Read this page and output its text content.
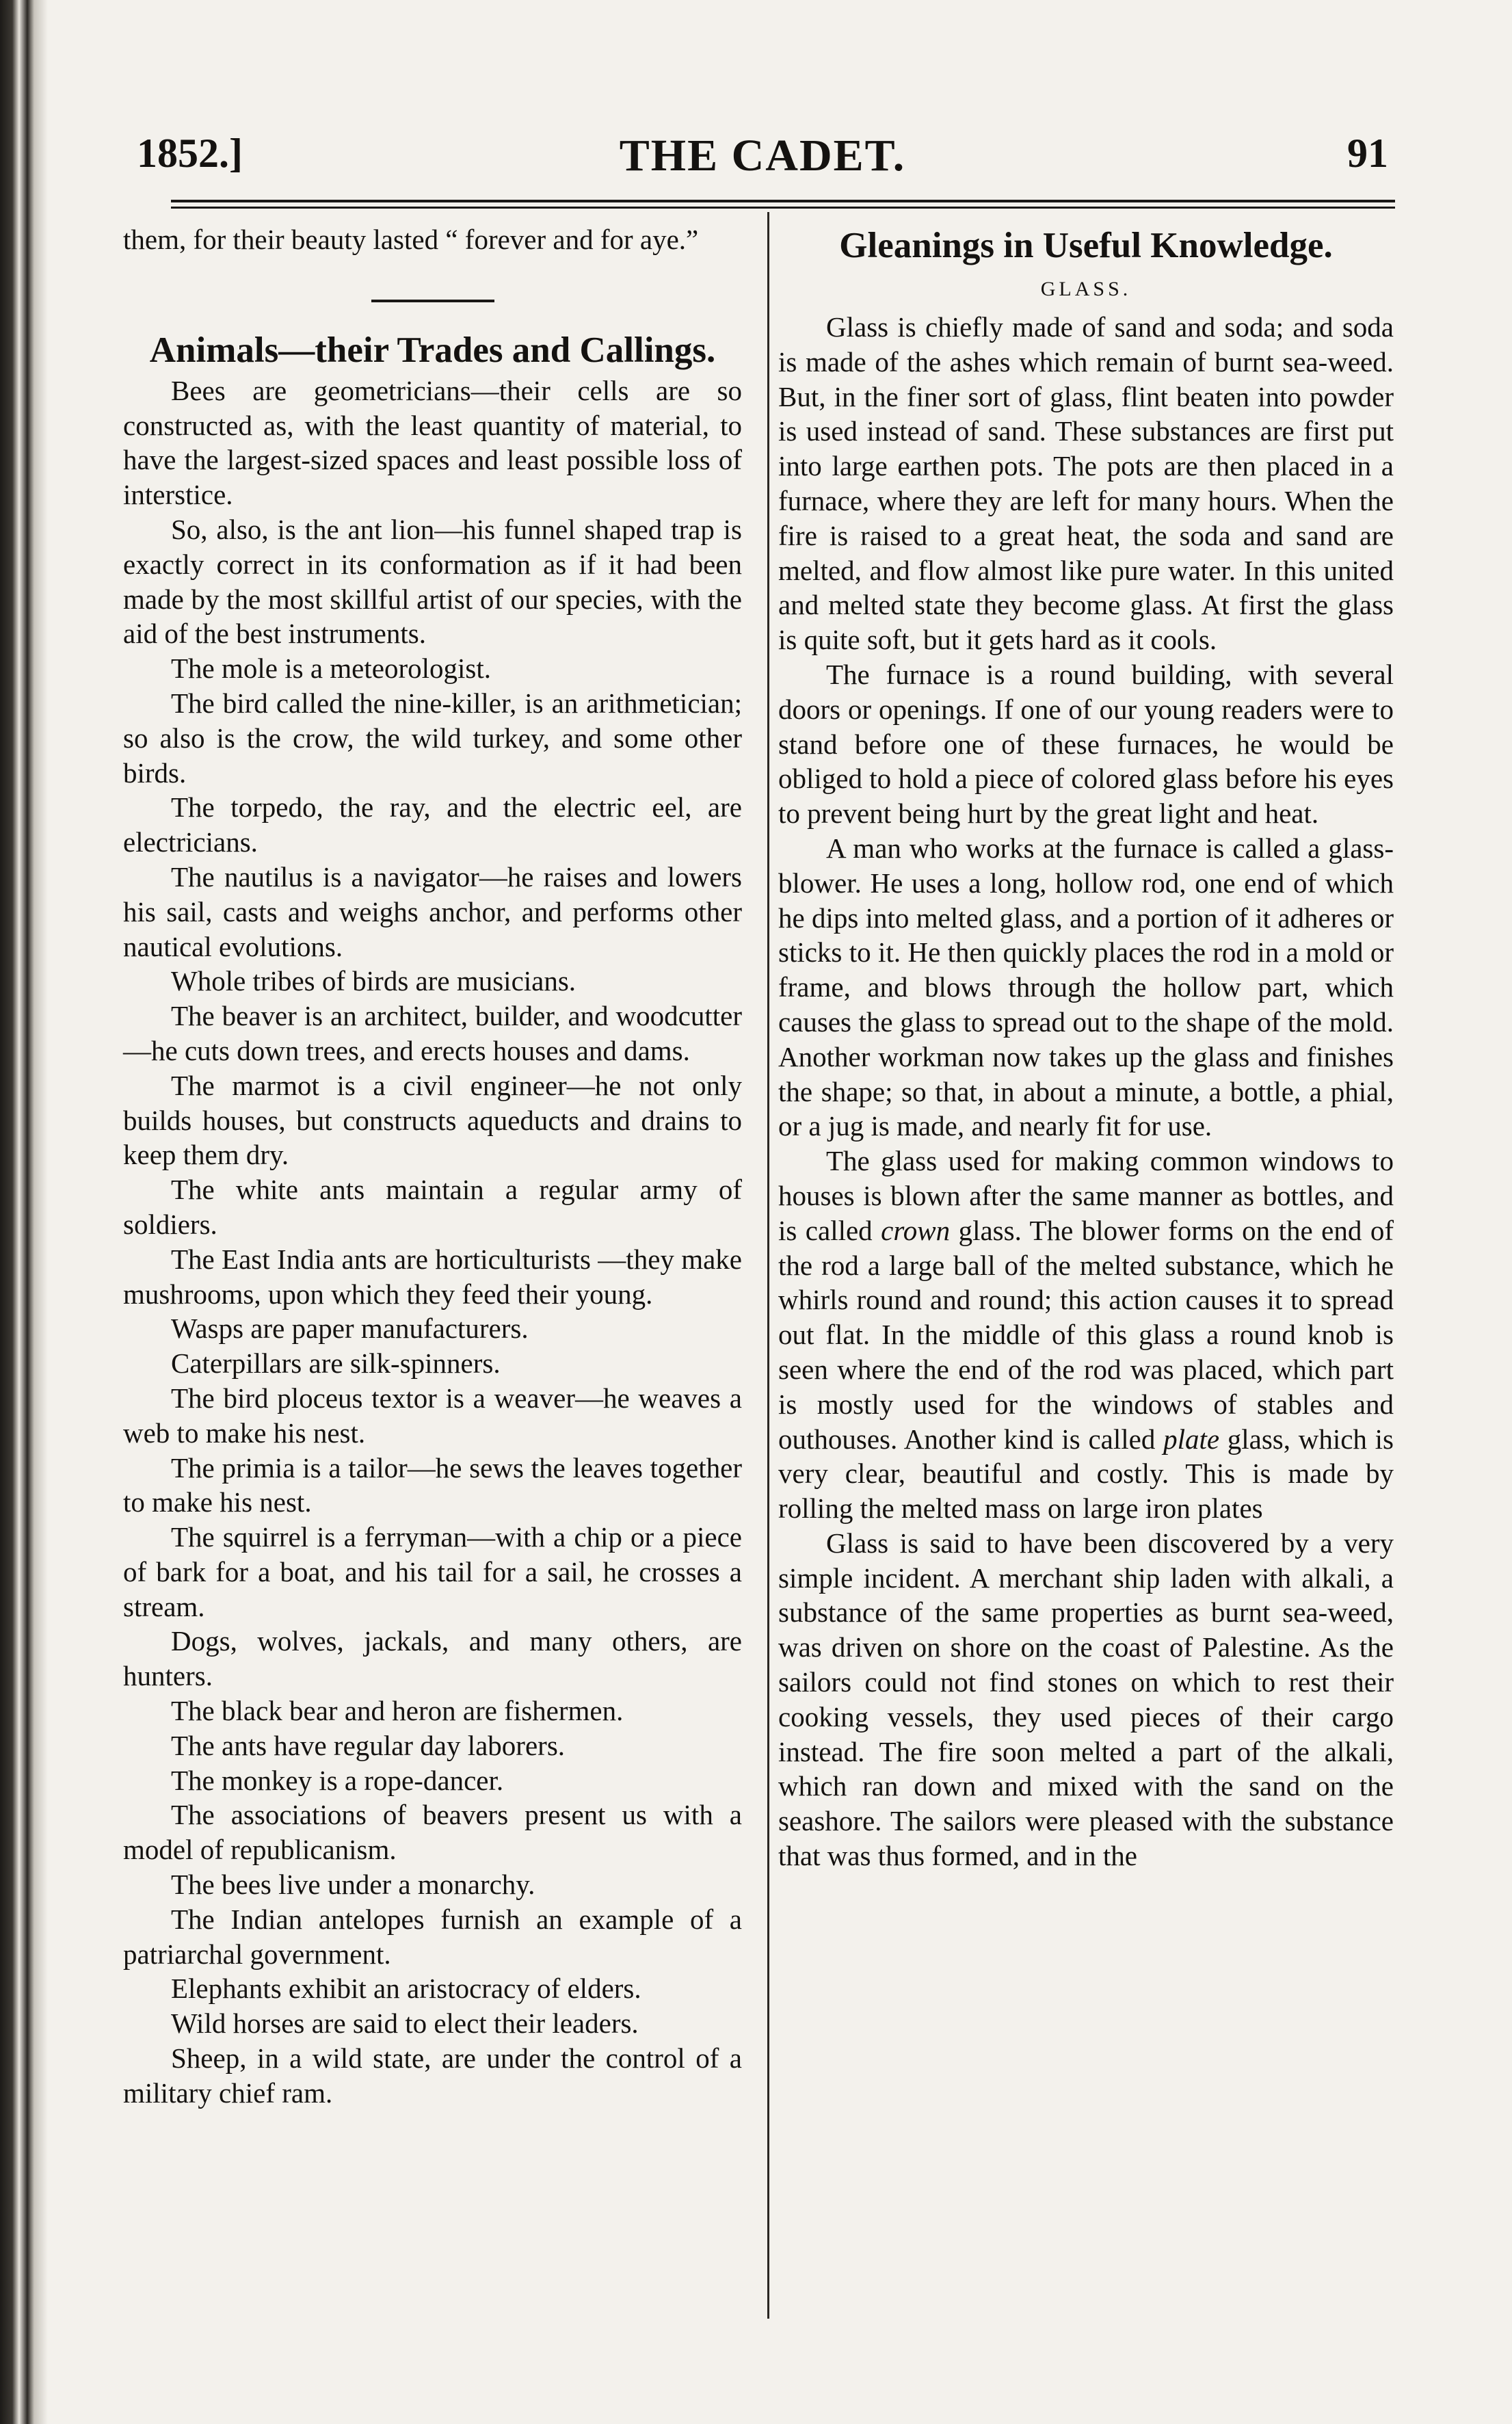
1852.]	THE CADET.	91

them, for their beauty lasted “ forever and for aye.”

Animals—their Trades and Callings.

Bees are geometricians—their cells are so constructed as, with the least quantity of material, to have the largest-sized spaces and least possible loss of interstice.

So, also, is the ant lion—his funnel shaped trap is exactly correct in its conformation as if it had been made by the most skillful artist of our species, with the aid of the best instruments.

The mole is a meteorologist.

The bird called the nine-killer, is an arithmetician; so also is the crow, the wild turkey, and some other birds.

The torpedo, the ray, and the electric eel, are electricians.

The nautilus is a navigator—he raises and lowers his sail, casts and weighs anchor, and performs other nautical evolutions.

Whole tribes of birds are musicians.

The beaver is an architect, builder, and woodcutter—he cuts down trees, and erects houses and dams.

The marmot is a civil engineer—he not only builds houses, but constructs aqueducts and drains to keep them dry.

The white ants maintain a regular army of soldiers.

The East India ants are horticulturists —they make mushrooms, upon which they feed their young.

Wasps are paper manufacturers.

Caterpillars are silk-spinners.

The bird ploceus textor is a weaver—he weaves a web to make his nest.

The primia is a tailor—he sews the leaves together to make his nest.

The squirrel is a ferryman—with a chip or a piece of bark for a boat, and his tail for a sail, he crosses a stream.

Dogs, wolves, jackals, and many others, are hunters.

The black bear and heron are fishermen.

The ants have regular day laborers.

The monkey is a rope-dancer.

The associations of beavers present us with a model of republicanism.

The bees live under a monarchy.

The Indian antelopes furnish an example of a patriarchal government.

Elephants exhibit an aristocracy of elders.

Wild horses are said to elect their leaders.

Sheep, in a wild state, are under the control of a military chief ram.

Gleanings in Useful Knowledge.
GLASS.

Glass is chiefly made of sand and soda; and soda is made of the ashes which remain of burnt sea-weed. But, in the finer sort of glass, flint beaten into powder is used instead of sand. These substances are first put into large earthen pots. The pots are then placed in a furnace, where they are left for many hours. When the fire is raised to a great heat, the soda and sand are melted, and flow almost like pure water. In this united and melted state they become glass. At first the glass is quite soft, but it gets hard as it cools.

The furnace is a round building, with several doors or openings. If one of our young readers were to stand before one of these furnaces, he would be obliged to hold a piece of colored glass before his eyes to prevent being hurt by the great light and heat.

A man who works at the furnace is called a glass-blower. He uses a long, hollow rod, one end of which he dips into melted glass, and a portion of it adheres or sticks to it. He then quickly places the rod in a mold or frame, and blows through the hollow part, which causes the glass to spread out to the shape of the mold. Another workman now takes up the glass and finishes the shape; so that, in about a minute, a bottle, a phial, or a jug is made, and nearly fit for use.

The glass used for making common windows to houses is blown after the same manner as bottles, and is called crown glass. The blower forms on the end of the rod a large ball of the melted substance, which he whirls round and round; this action causes it to spread out flat. In the middle of this glass a round knob is seen where the end of the rod was placed, which part is mostly used for the windows of stables and outhouses. Another kind is called plate glass, which is very clear, beautiful and costly. This is made by rolling the melted mass on large iron plates

Glass is said to have been discovered by a very simple incident. A merchant ship laden with alkali, a substance of the same properties as burnt sea-weed, was driven on shore on the coast of Palestine. As the sailors could not find stones on which to rest their cooking vessels, they used pieces of their cargo instead. The fire soon melted a part of the alkali, which ran down and mixed with the sand on the seashore. The sailors were pleased with the substance that was thus formed, and in the
